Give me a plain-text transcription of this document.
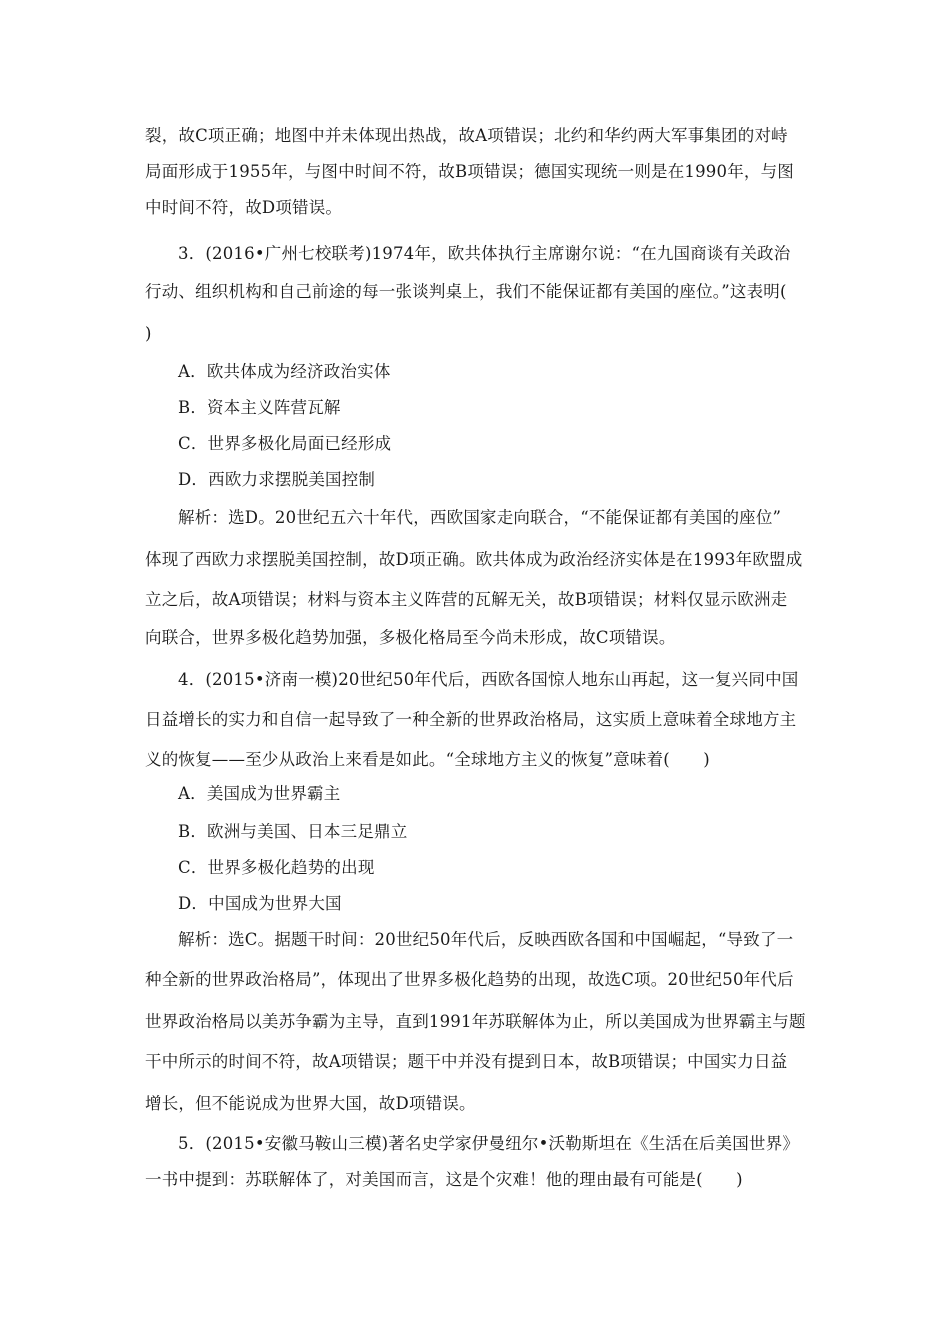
裂，故C项正确；地图中并未体现出热战，故A项错误；北约和华约两大军事集团的对峙
局面形成于1955年，与图中时间不符，故B项错误；德国实现统一则是在1990年，与图
中时间不符，故D项错误。
3．(2016•广州七校联考)1974年，欧共体执行主席谢尔说：“在九国商谈有关政治
行动、组织机构和自己前途的每一张谈判桌上，我们不能保证都有美国的座位。”这表明(
)
A．欧共体成为经济政治实体
B．资本主义阵营瓦解
C．世界多极化局面已经形成
D．西欧力求摆脱美国控制
解析：选D。20世纪五六十年代，西欧国家走向联合，“不能保证都有美国的座位”
体现了西欧力求摆脱美国控制，故D项正确。欧共体成为政治经济实体是在1993年欧盟成
立之后，故A项错误；材料与资本主义阵营的瓦解无关，故B项错误；材料仅显示欧洲走
向联合，世界多极化趋势加强，多极化格局至今尚未形成，故C项错误。
4．(2015•济南一模)20世纪50年代后，西欧各国惊人地东山再起，这一复兴同中国
日益增长的实力和自信一起导致了一种全新的世界政治格局，这实质上意味着全球地方主
义的恢复——至少从政治上来看是如此。“全球地方主义的恢复”意味着(　　)
A．美国成为世界霸主
B．欧洲与美国、日本三足鼎立
C．世界多极化趋势的出现
D．中国成为世界大国
解析：选C。据题干时间：20世纪50年代后，反映西欧各国和中国崛起，“导致了一
种全新的世界政治格局”，体现出了世界多极化趋势的出现，故选C项。20世纪50年代后
世界政治格局以美苏争霸为主导，直到1991年苏联解体为止，所以美国成为世界霸主与题
干中所示的时间不符，故A项错误；题干中并没有提到日本，故B项错误；中国实力日益
增长，但不能说成为世界大国，故D项错误。
5．(2015•安徽马鞍山三模)著名史学家伊曼纽尔•沃勒斯坦在《生活在后美国世界》
一书中提到：苏联解体了，对美国而言，这是个灾难！他的理由最有可能是(　　)
